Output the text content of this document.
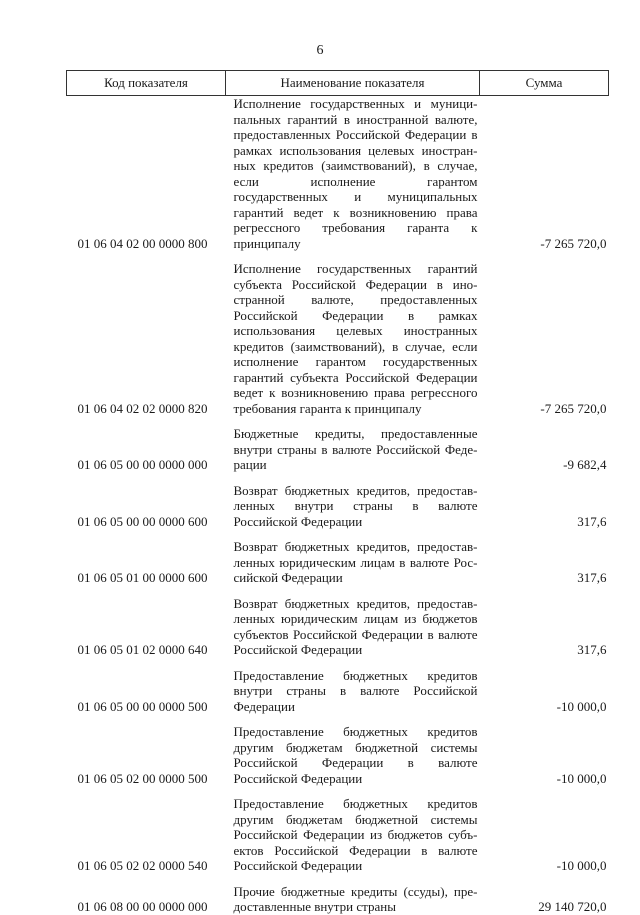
6
Код показателя	Наименование показателя	Сумма
01 06 04 02 00 0000 800	Исполнение государственных и муниципальных гарантий в иностранной валюте, предоставленных Российской Федерации в рамках использования целевых иностранных кредитов (заимствований), в случае, если исполнение гарантом государственных и муниципальных гарантий ведет к возникновению права регрессного требования гаранта к принципалу	-7 265 720,0
01 06 04 02 02 0000 820	Исполнение государственных гарантий субъекта Российской Федерации в иностранной валюте, предоставленных Российской Федерации в рамках использования целевых иностранных кредитов (заимствований), в случае, если исполнение гарантом государственных гарантий субъекта Российской Федерации ведет к возникновению права регрессного требования гаранта к принципалу	-7 265 720,0
01 06 05 00 00 0000 000	Бюджетные кредиты, предоставленные внутри страны в валюте Российской Федерации	-9 682,4
01 06 05 00 00 0000 600	Возврат бюджетных кредитов, предоставленных внутри страны в валюте Российской Федерации	317,6
01 06 05 01 00 0000 600	Возврат бюджетных кредитов, предоставленных юридическим лицам в валюте Российской Федерации	317,6
01 06 05 01 02 0000 640	Возврат бюджетных кредитов, предоставленных юридическим лицам из бюджетов субъектов Российской Федерации в валюте Российской Федерации	317,6
01 06 05 00 00 0000 500	Предоставление бюджетных кредитов внутри страны в валюте Российской Федерации	-10 000,0
01 06 05 02 00 0000 500	Предоставление бюджетных кредитов другим бюджетам бюджетной системы Российской Федерации в валюте Российской Федерации	-10 000,0
01 06 05 02 02 0000 540	Предоставление бюджетных кредитов другим бюджетам бюджетной системы Российской Федерации из бюджетов субъектов Российской Федерации в валюте Российской Федерации	-10 000,0
01 06 08 00 00 0000 000	Прочие бюджетные кредиты (ссуды), предоставленные внутри страны	29 140 720,0
